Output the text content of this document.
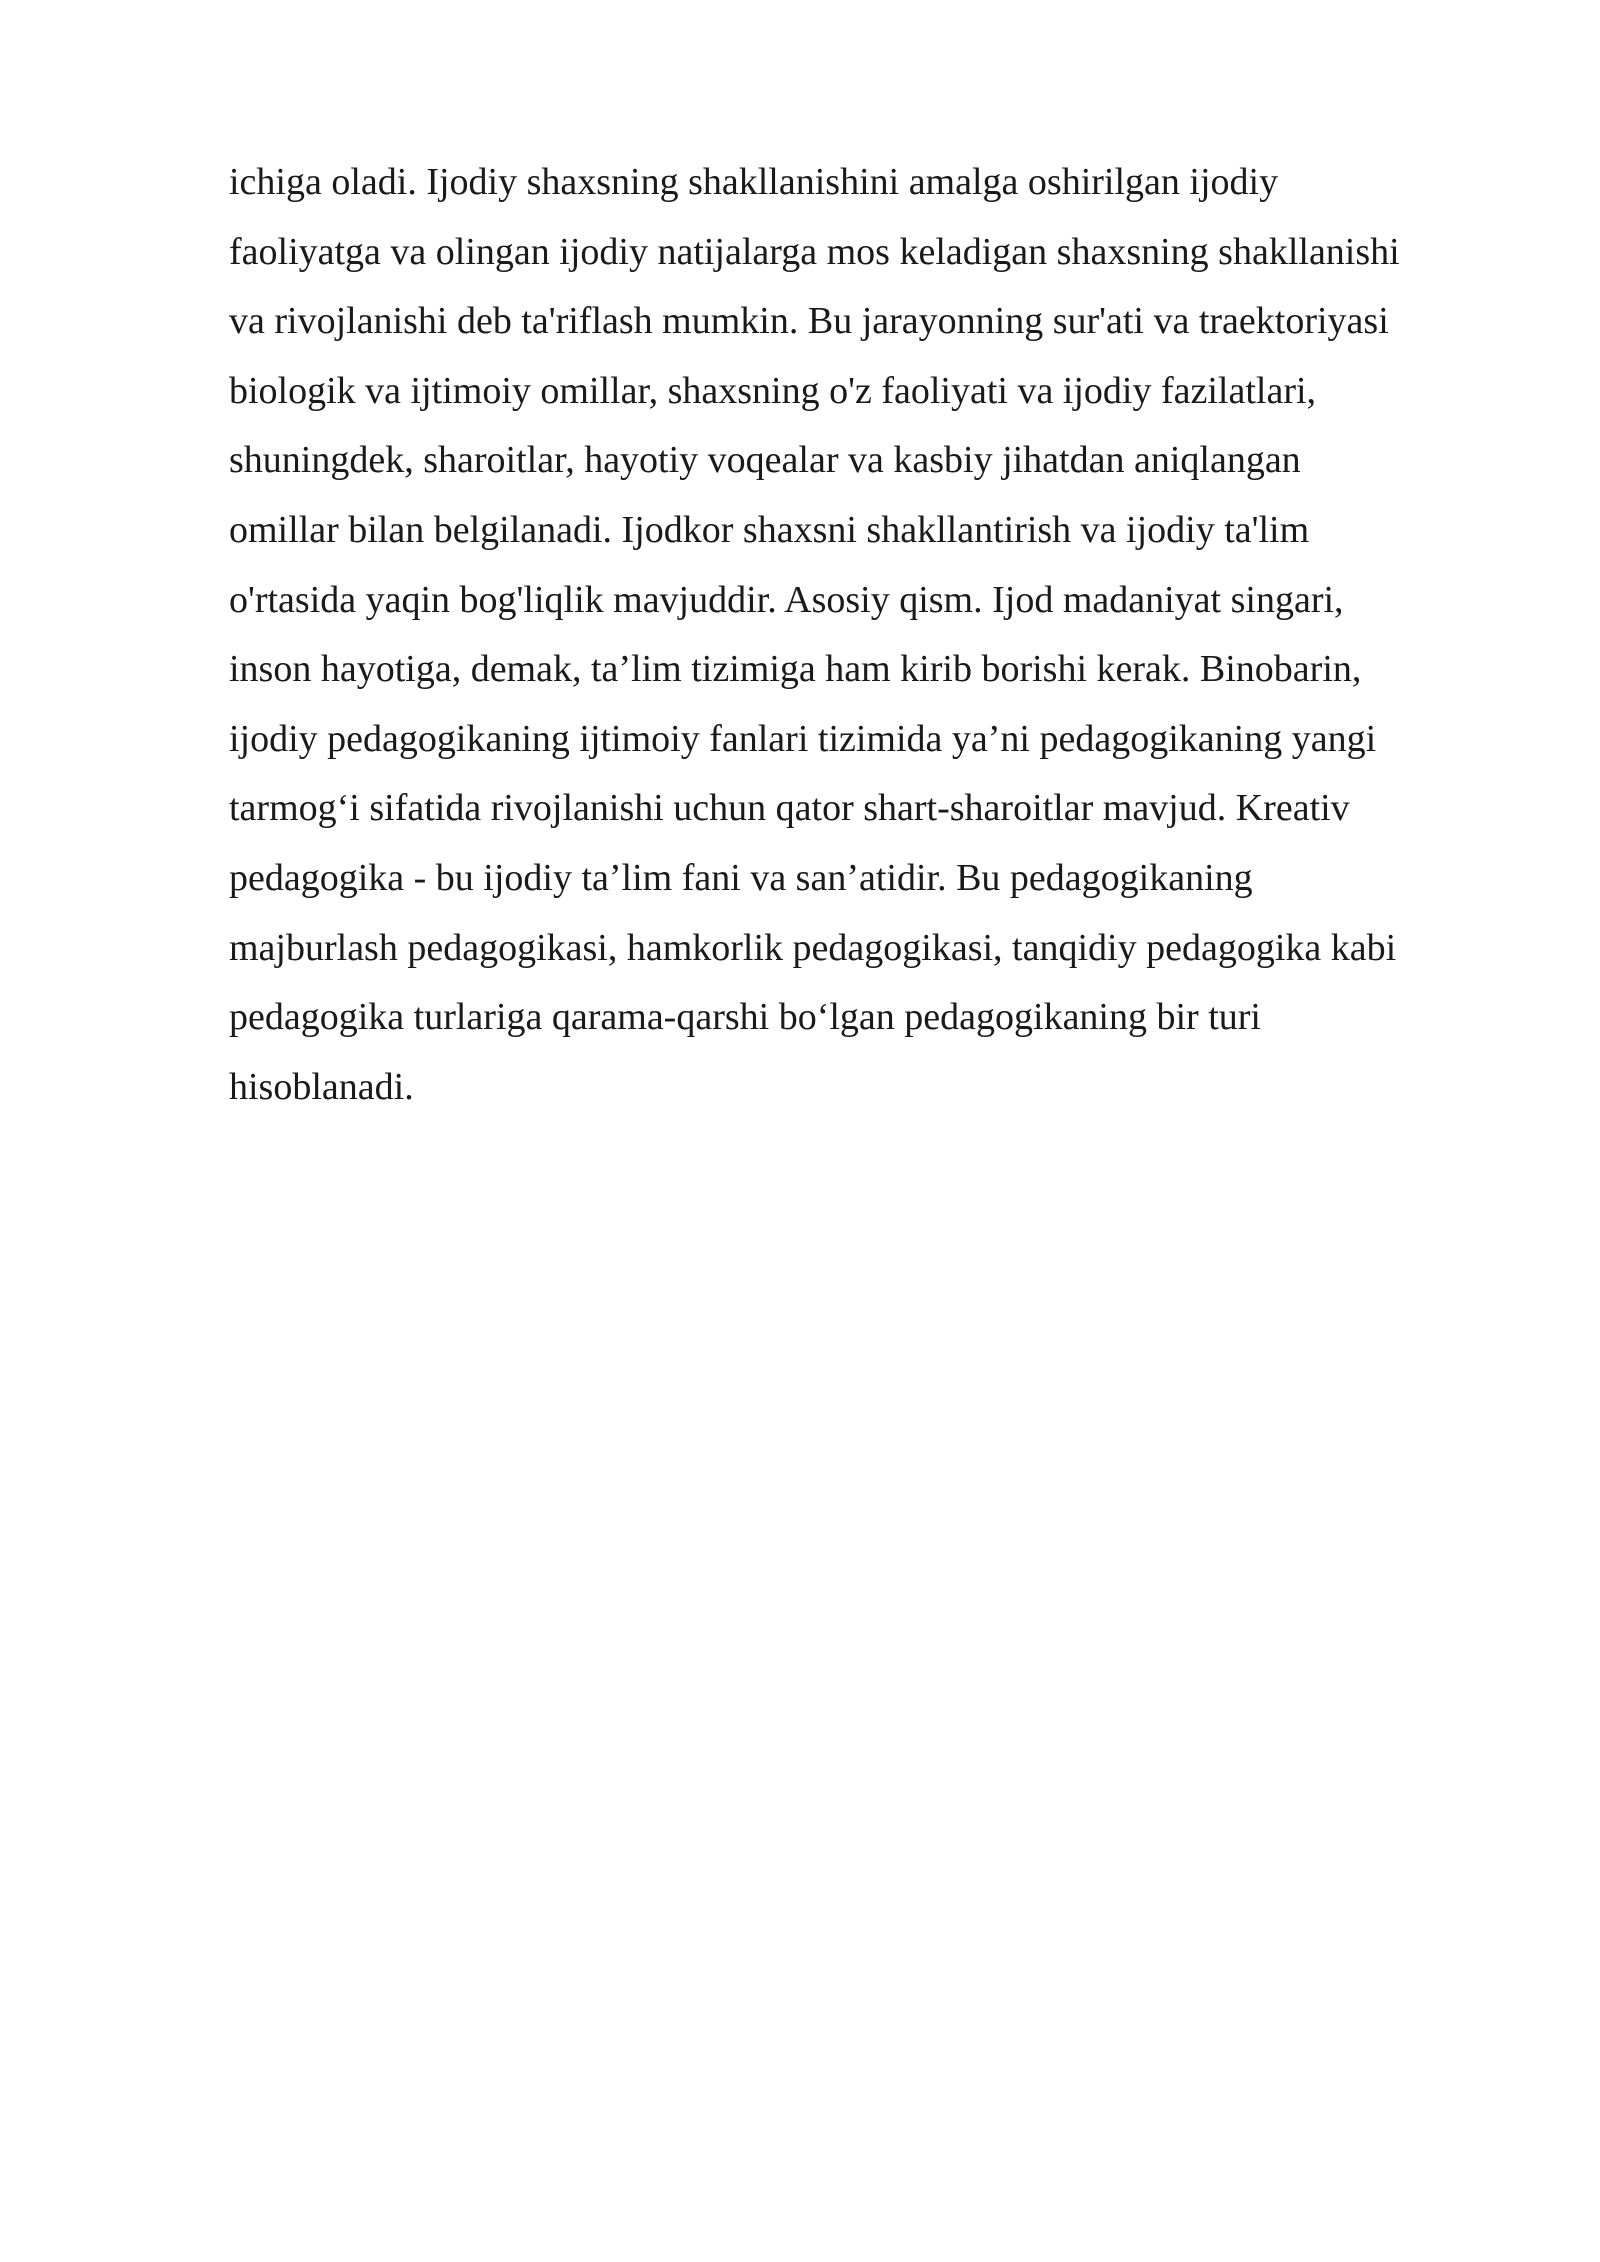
ichiga oladi. Ijodiy shaxsning shakllanishini amalga oshirilgan ijodiy
faoliyatga va olingan ijodiy natijalarga mos keladigan shaxsning shakllanishi
va rivojlanishi deb ta'riflash mumkin. Bu jarayonning sur'ati va traektoriyasi
biologik va ijtimoiy omillar, shaxsning o'z faoliyati va ijodiy fazilatlari,
shuningdek, sharoitlar, hayotiy voqealar va kasbiy jihatdan aniqlangan
omillar bilan belgilanadi. Ijodkor shaxsni shakllantirish va ijodiy ta'lim
o'rtasida yaqin bog'liqlik mavjuddir. Asosiy qism. Ijod madaniyat singari,
inson hayotiga, demak, ta’lim tizimiga ham kirib borishi kerak. Binobarin,
ijodiy pedagogikaning ijtimoiy fanlari tizimida ya’ni pedagogikaning yangi
tarmog‘i sifatida rivojlanishi uchun qator shart-sharoitlar mavjud. Kreativ
pedagogika - bu ijodiy ta’lim fani va san’atidir. Bu pedagogikaning
majburlash pedagogikasi, hamkorlik pedagogikasi, tanqidiy pedagogika kabi
pedagogika turlariga qarama-qarshi bo‘lgan pedagogikaning bir turi
hisoblanadi.
